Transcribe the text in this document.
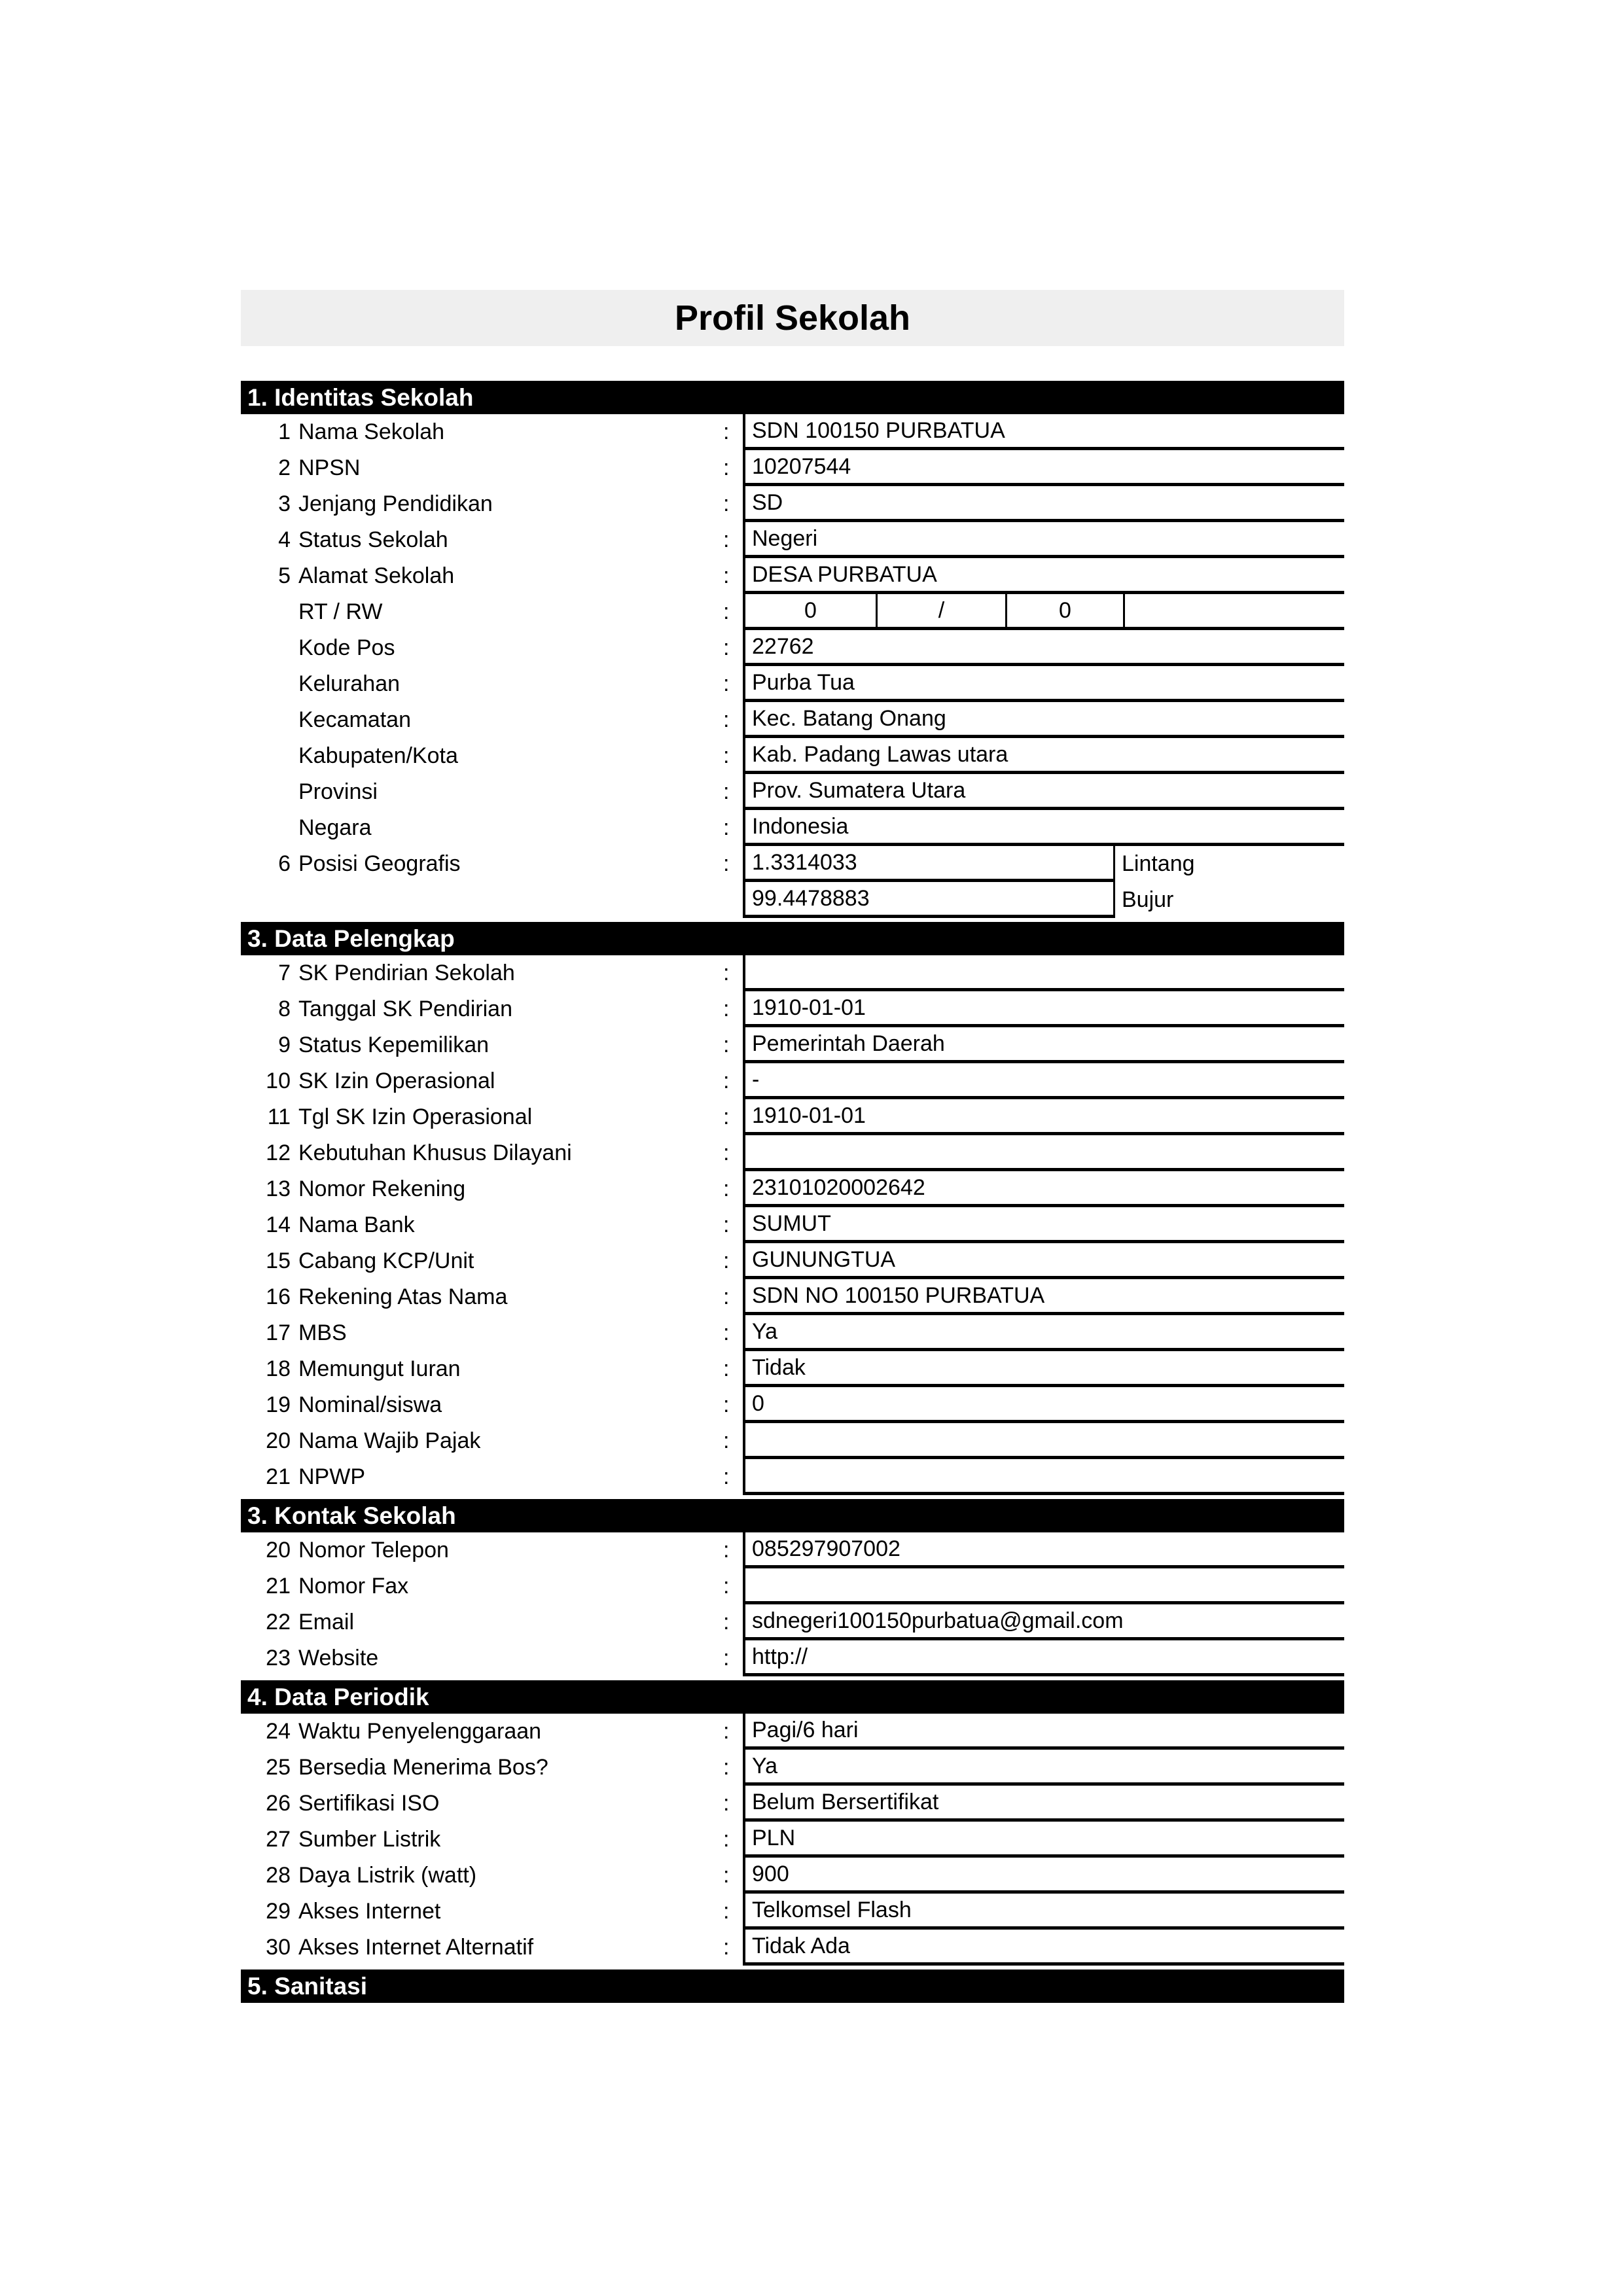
Profil Sekolah
1. Identitas Sekolah
1 Nama Sekolah	:	SDN 100150 PURBATUA
2 NPSN	:	10207544
3 Jenjang Pendidikan	:	SD
4 Status Sekolah	:	Negeri
5 Alamat Sekolah	:	DESA PURBATUA
RT / RW	:	0	/	0
Kode Pos	:	22762
Kelurahan	:	Purba Tua
Kecamatan	:	Kec. Batang Onang
Kabupaten/Kota	:	Kab. Padang Lawas utara
Provinsi	:	Prov. Sumatera Utara
Negara	:	Indonesia
6 Posisi Geografis	:	1.3314033	Lintang
99.4478883	Bujur
3. Data Pelengkap
7 SK Pendirian Sekolah	:
8 Tanggal SK Pendirian	:	1910-01-01
9 Status Kepemilikan	:	Pemerintah Daerah
10 SK Izin Operasional	:	-
11 Tgl SK Izin Operasional	:	1910-01-01
12 Kebutuhan Khusus Dilayani	:
13 Nomor Rekening	:	23101020002642
14 Nama Bank	:	SUMUT
15 Cabang KCP/Unit	:	GUNUNGTUA
16 Rekening Atas Nama	:	SDN NO 100150 PURBATUA
17 MBS	:	Ya
18 Memungut Iuran	:	Tidak
19 Nominal/siswa	:	0
20 Nama Wajib Pajak	:
21 NPWP	:
3. Kontak Sekolah
20 Nomor Telepon	:	085297907002
21 Nomor Fax	:
22 Email	:	sdnegeri100150purbatua@gmail.com
23 Website	:	http://
4. Data Periodik
24 Waktu Penyelenggaraan	:	Pagi/6 hari
25 Bersedia Menerima Bos?	:	Ya
26 Sertifikasi ISO	:	Belum Bersertifikat
27 Sumber Listrik	:	PLN
28 Daya Listrik (watt)	:	900
29 Akses Internet	:	Telkomsel Flash
30 Akses Internet Alternatif	:	Tidak Ada
5. Sanitasi
